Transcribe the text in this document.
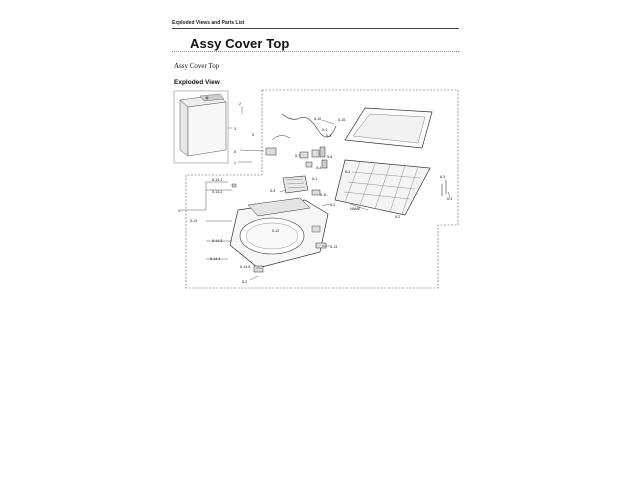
Exploded Views and Parts List
Assy Cover Top
Assy Cover Top
Exploded View
2
3
5
6
1
5-10	5-15
5-1
5-3
5-8
5-7
5-4
5-1
5-9
5-11
5-2
5-14-1
5-14-2
4
5-14
5-14-3
5-14-4
5-12
5-13
5-14-5
5-2
NAME
6-1
6-2
6-3
6-4
